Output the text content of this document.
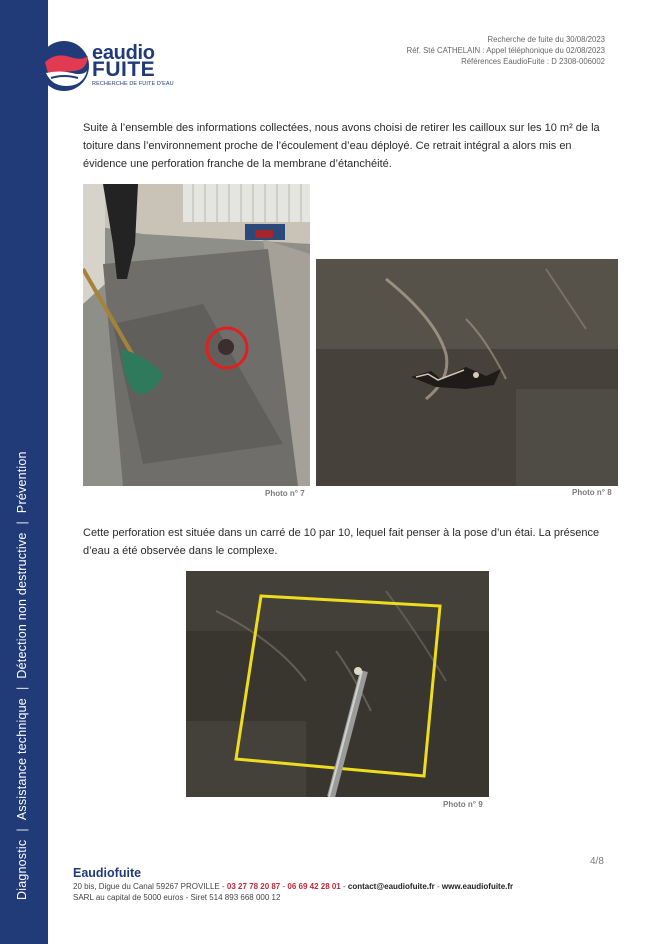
Diagnostic|Assistance technique|Détection non destructive|Prévention
eaudio
FUITE
RECHERCHE DE FUITE D'EAU
Recherche de fuite du 30/08/2023
Réf. Sté CATHELAIN : Appel téléphonique du 02/08/2023
Références EaudioFuite : D 2308-006002

Suite à l’ensemble des informations collectées, nous avons choisi de retirer les cailloux sur les 10 m² de la toiture dans l’environnement proche de l’écoulement d’eau déployé. Ce retrait intégral a alors mis en évidence une perforation franche de la membrane d’étanchéité.

Photo n° 7	Photo n° 8

Cette perforation est située dans un carré de 10 par 10, lequel fait penser à la pose d’un étai. La présence d’eau a été observée dans le complexe.

Photo n° 9
4/8
Eaudiofuite
20 bis, Digue du Canal 59267 PROVILLE - 03 27 78 20 87 - 06 69 42 28 01 - contact@eaudiofuite.fr - www.eaudiofuite.fr
SARL au capital de 5000 euros - Siret 514 893 668 000 12
